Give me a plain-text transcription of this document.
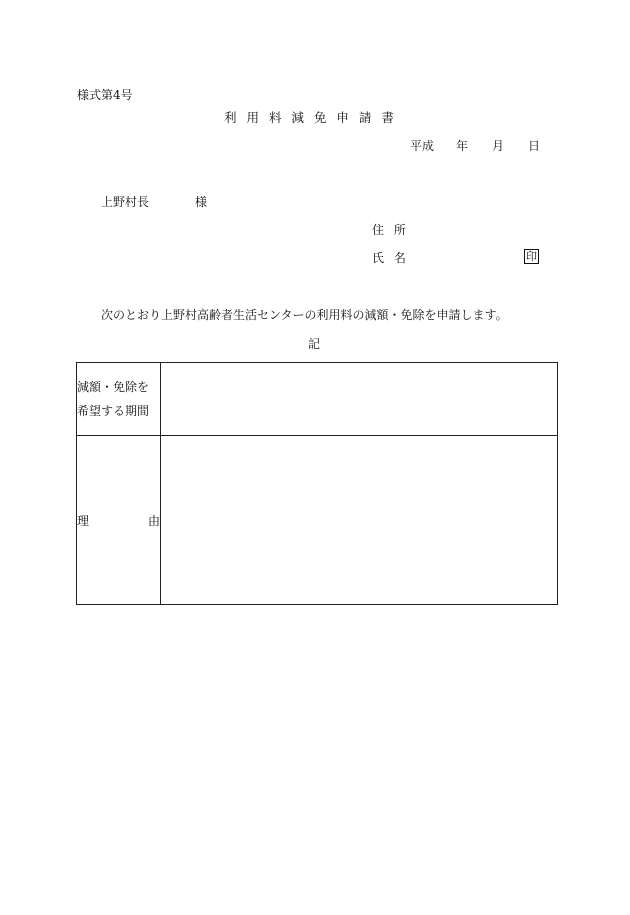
様式第4号
利 用 料 減 免 申 請 書
平成 年 月 日
上野村長	様
住 所
氏 名	印
次のとおり上野村高齢者生活センターの利用料の減額・免除を申請します。
記
減額・免除を
希望する期間	

理 由	
